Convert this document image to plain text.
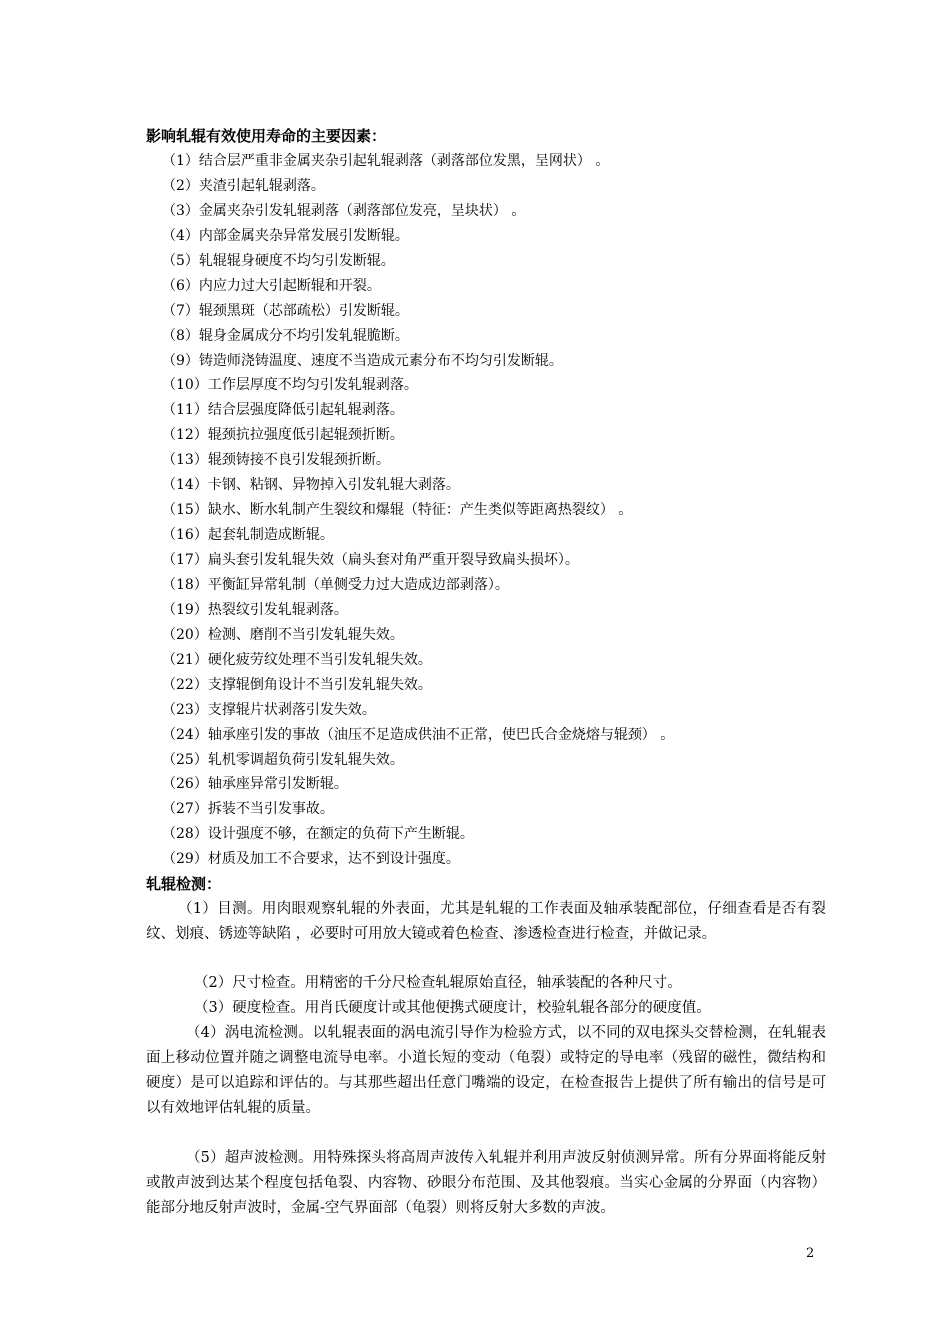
影响轧辊有效使用寿命的主要因素：
（1）结合层严重非金属夹杂引起轧辊剥落（剥落部位发黑，呈网状） 。
（2）夹渣引起轧辊剥落。
（3）金属夹杂引发轧辊剥落（剥落部位发亮，呈块状） 。
（4）内部金属夹杂异常发展引发断辊。
（5）轧辊辊身硬度不均匀引发断辊。
（6）内应力过大引起断辊和开裂。
（7）辊颈黑斑（芯部疏松）引发断辊。
（8）辊身金属成分不均引发轧辊脆断。
（9）铸造师浇铸温度、速度不当造成元素分布不均匀引发断辊。
（10）工作层厚度不均匀引发轧辊剥落。
（11）结合层强度降低引起轧辊剥落。
（12）辊颈抗拉强度低引起辊颈折断。
（13）辊颈铸接不良引发辊颈折断。
（14）卡钢、粘钢、异物掉入引发轧辊大剥落。
（15）缺水、断水轧制产生裂纹和爆辊（特征：产生类似等距离热裂纹） 。
（16）起套轧制造成断辊。
（17）扁头套引发轧辊失效（扁头套对角严重开裂导致扁头损坏）。
（18）平衡缸异常轧制（单侧受力过大造成边部剥落）。
（19）热裂纹引发轧辊剥落。
（20）检测、磨削不当引发轧辊失效。
（21）硬化疲劳纹处理不当引发轧辊失效。
（22）支撑辊倒角设计不当引发轧辊失效。
（23）支撑辊片状剥落引发失效。
（24）轴承座引发的事故（油压不足造成供油不正常，使巴氏合金烧熔与辊颈） 。
（25）轧机零调超负荷引发轧辊失效。
（26）轴承座异常引发断辊。
（27）拆装不当引发事故。
（28）设计强度不够，在额定的负荷下产生断辊。
（29）材质及加工不合要求，达不到设计强度。
轧辊检测：

（1）目测。用肉眼观察轧辊的外表面，尤其是轧辊的工作表面及轴承装配部位，仔细查看是否有裂纹、划痕、锈迹等缺陷 ，必要时可用放大镜或着色检查、渗透检查进行检查，并做记录。

（2）尺寸检查。用精密的千分尺检查轧辊原始直径，轴承装配的各种尺寸。

（3）硬度检查。用肖氏硬度计或其他便携式硬度计，校验轧辊各部分的硬度值。

（4）涡电流检测。以轧辊表面的涡电流引导作为检验方式，以不同的双电探头交替检测，在轧辊表面上移动位置并随之调整电流导电率。小道长短的变动（龟裂）或特定的导电率（残留的磁性，微结构和硬度）是可以追踪和评估的。与其那些超出任意门嘴端的设定，在检查报告上提供了所有输出的信号是可以有效地评估轧辊的质量。

（5）超声波检测。用特殊探头将高周声波传入轧辊并利用声波反射侦测异常。所有分界面将能反射或散声波到达某个程度包括龟裂、内容物、砂眼分布范围、及其他裂痕。当实心金属的分界面（内容物）能部分地反射声波时，金属-空气界面部（龟裂）则将反射大多数的声波。

2
